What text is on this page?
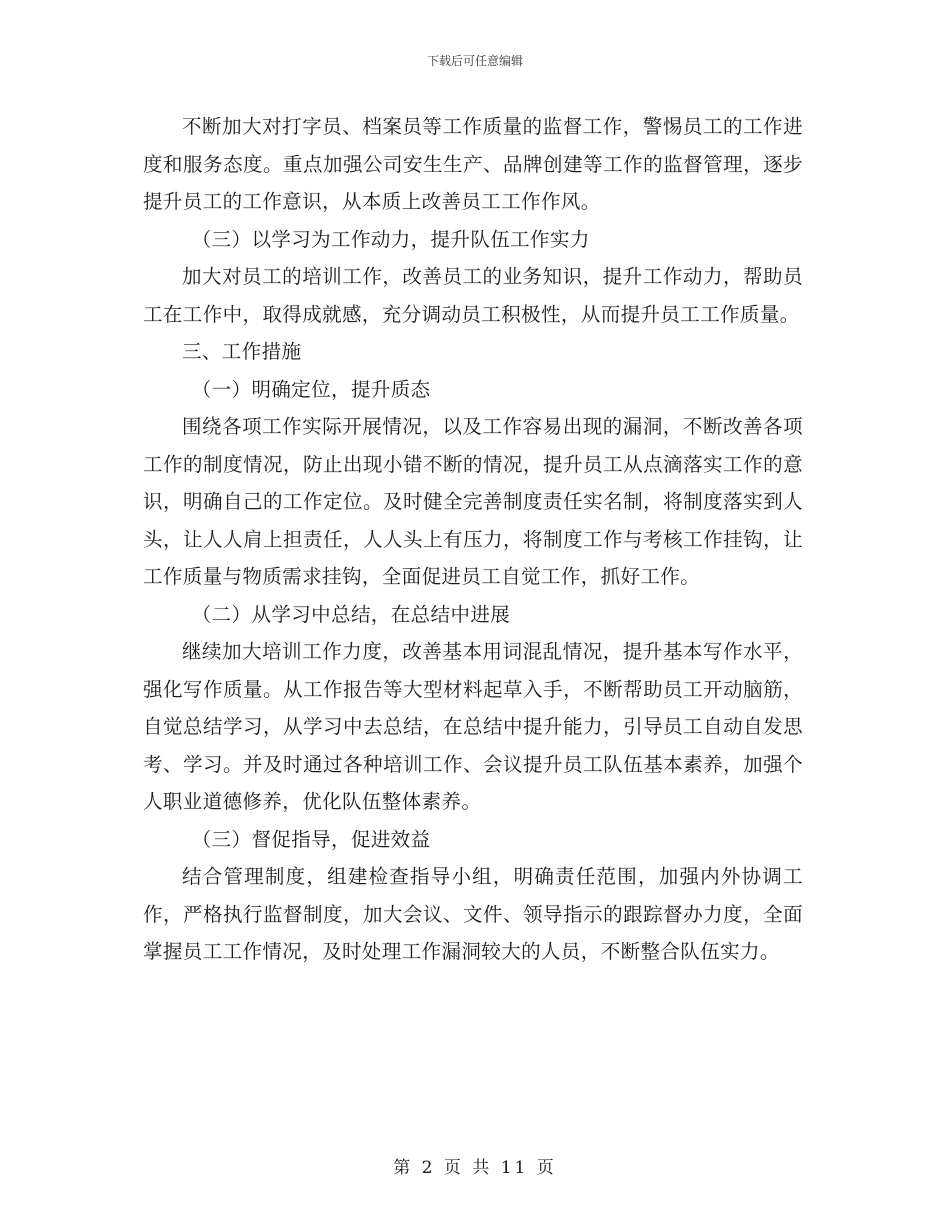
下载后可任意编辑

不断加大对打字员、档案员等工作质量的监督工作，警惕员工的工作进度和服务态度。重点加强公司安生生产、品牌创建等工作的监督管理，逐步提升员工的工作意识，从本质上改善员工工作作风。

（三）以学习为工作动力，提升队伍工作实力

加大对员工的培训工作，改善员工的业务知识，提升工作动力，帮助员工在工作中，取得成就感，充分调动员工积极性，从而提升员工工作质量。

三、工作措施

（一）明确定位，提升质态

围绕各项工作实际开展情况，以及工作容易出现的漏洞，不断改善各项工作的制度情况，防止出现小错不断的情况，提升员工从点滴落实工作的意识，明确自己的工作定位。及时健全完善制度责任实名制，将制度落实到人头，让人人肩上担责任，人人头上有压力，将制度工作与考核工作挂钩，让工作质量与物质需求挂钩，全面促进员工自觉工作，抓好工作。

（二）从学习中总结，在总结中进展

继续加大培训工作力度，改善基本用词混乱情况，提升基本写作水平，强化写作质量。从工作报告等大型材料起草入手，不断帮助员工开动脑筋，自觉总结学习，从学习中去总结，在总结中提升能力，引导员工自动自发思考、学习。并及时通过各种培训工作、会议提升员工队伍基本素养，加强个人职业道德修养，优化队伍整体素养。

（三）督促指导，促进效益

结合管理制度，组建检查指导小组，明确责任范围，加强内外协调工作，严格执行监督制度，加大会议、文件、领导指示的跟踪督办力度，全面掌握员工工作情况，及时处理工作漏洞较大的人员，不断整合队伍实力。

第 2 页 共 11 页
